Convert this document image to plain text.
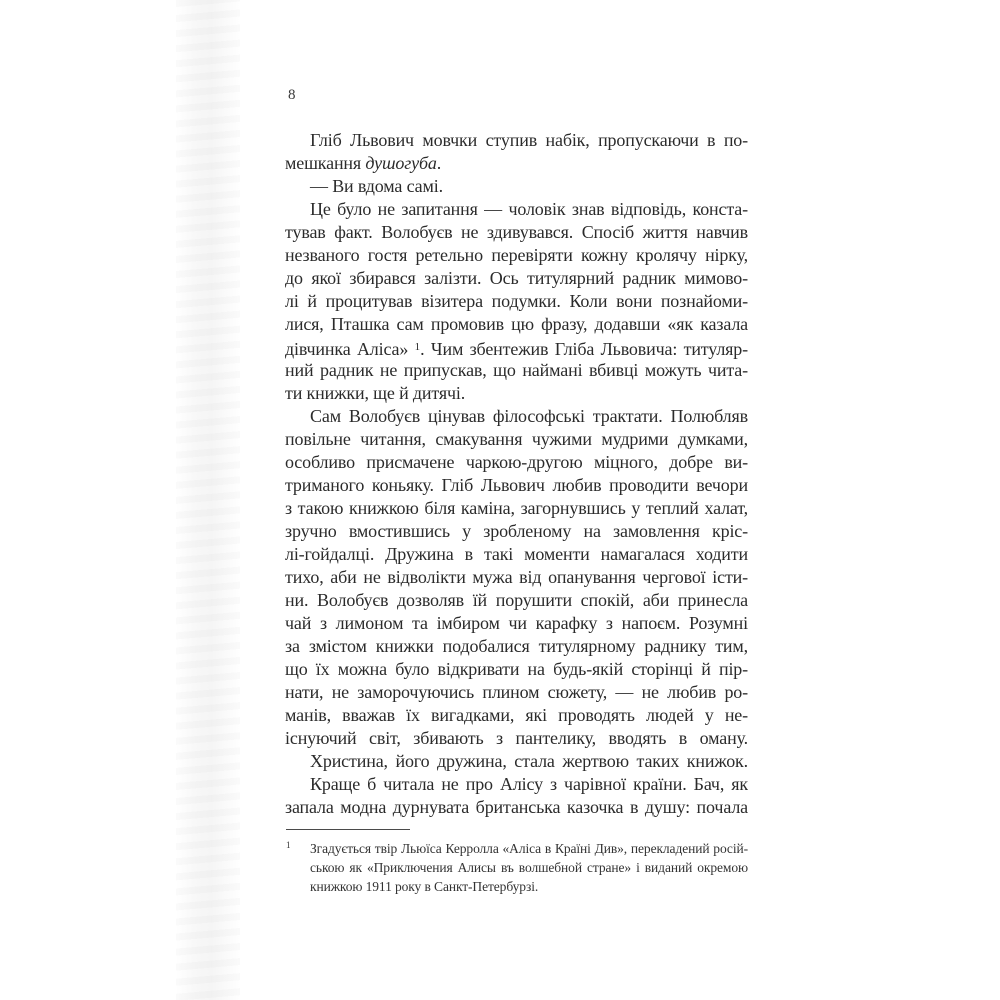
8
Гліб Львович мовчки ступив набік, пропускаючи в по-
мешкання душогуба.
— Ви вдома самі.
Це було не запитання — чоловік знав відповідь, конста-
тував факт. Волобуєв не здивувався. Спосіб життя навчив
незваного гостя ретельно перевіряти кожну кролячу нірку,
до якої збирався залізти. Ось титулярний радник мимово-
лі й процитував візитера подумки. Коли вони познайоми-
лися, Пташка сам промовив цю фразу, додавши «як казала
дівчинка Аліса» $^1$. Чим збентежив Гліба Львовича: титуляр-
ний радник не припускав, що наймані вбивці можуть чита-
ти книжки, ще й дитячі.
Сам Волобуєв цінував філософські трактати. Полюбляв
повільне читання, смакування чужими мудрими думками,
особливо присмачене чаркою-другою міцного, добре ви-
триманого коньяку. Гліб Львович любив проводити вечори
з такою книжкою біля каміна, загорнувшись у теплий халат,
зручно вмостившись у зробленому на замовлення кріс-
лі-гойдалці. Дружина в такі моменти намагалася ходити
тихо, аби не відволікти мужа від опанування чергової істи-
ни. Волобуєв дозволяв їй порушити спокій, аби принесла
чай з лимоном та імбиром чи карафку з напоєм. Розумні
за змістом книжки подобалися титулярному раднику тим,
що їх можна було відкривати на будь-якій сторінці й пір-
нати, не заморочуючись плином сюжету, — не любив ро-
манів, вважав їх вигадками, які проводять людей у не-
існуючий світ, збивають з пантелику, вводять в оману.
Христина, його дружина, стала жертвою таких книжок.
Краще б читала не про Алісу з чарівної країни. Бач, як
запала модна дурнувата британська казочка в душу: почала
1	Згадується твір Льюїса Керролла «Аліса в Країні Див», перекладений росій-
ською як «Приключения Алисы въ волшебной стране» і виданий окремою
книжкою 1911 року в Санкт-Петербурзі.
